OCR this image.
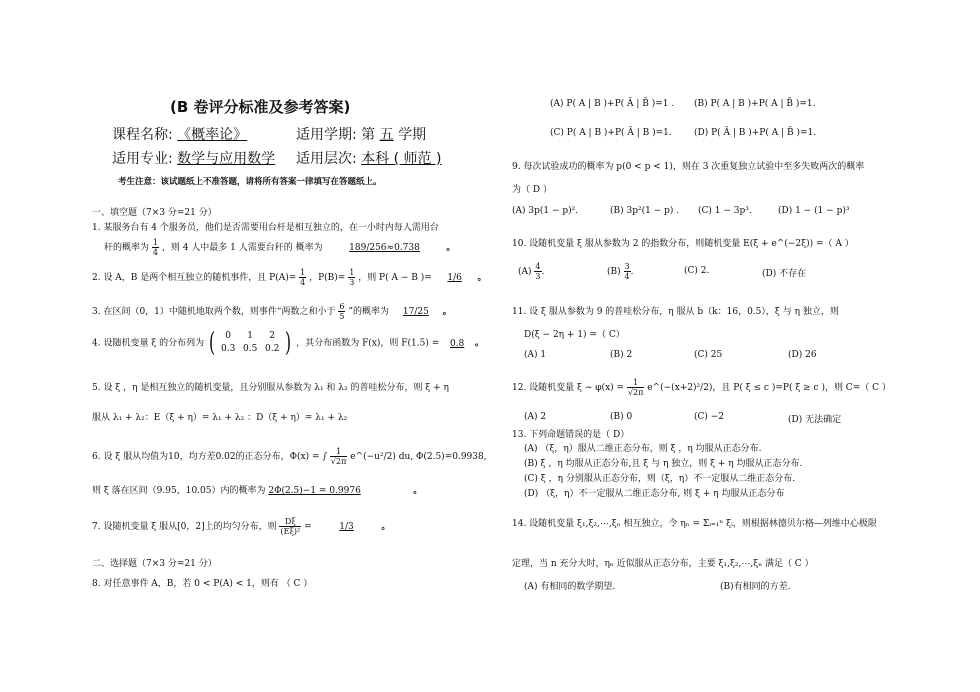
(B 卷评分标准及参考答案)
课程名称: 《概率论》	适用学期: 第 五 学期
适用专业: 数学与应用数学 适用层次: 本科 ( 师范 )
考生注意：该试题纸上不准答题，请将所有答案一律填写在答题纸上。
一、填空题（7×3 分=21 分）
1. 某服务台有 4 个服务员，他们是否需要用台杆是相互独立的，在一小时内每人需用台
秆的概率为 $\frac{1}{4}$ ，则 4 人中最多 1 人需要台秆的 概率为	189/256≈0.738	。
2. 设 A，B 是两个相互独立的随机事件，且 $P(A)= \frac{1}{4}$ ，$P(B)= \frac{1}{3}$ ，则 P( A − B )= 1/6 。
3. 在区间（0，1）中随机地取两个数，则事件“两数之和小于 $\frac{6}{5}$ ”的概率为 17/25 。
4. 设随机变量 ξ 的分布列为 ( 0 1 2
0.3 0.5 0.2 ) ，其分布函数为 F(x)，则 F(1.5) = 0.8 。
5. 设 ξ ，η 是相互独立的随机变量，且分别服从参数为 λ₁ 和 λ₂ 的普哇松分布，则 ξ + η
服从 λ₁ + λ₂：E（ξ + η）= λ₁ + λ₂ ：D（ξ + η）= λ₁ + λ₂
6. 设 ξ 服从均值为10，均方差0.02的正态分布，Φ(x) = ∫ $\frac{1}{√2\pi}$ e^(−u²/2) du, Φ(2.5)=0.9938,
则 ξ 落在区间（9.95，10.05）内的概率为 2Φ(2.5)−1 = 0.9976	。
7. 设随机变量 ξ 服从[0，2]上的均匀分布，则 $\frac{D\xi}{\text{(Eξ)²}}$ =	1/3	。
二、选择题（7×3 分=21 分）
8. 对任意事件 A，B，若 0 < P(A) < 1，则有 （ C ）
(A) P( A | B )+P( Ā | B̄ )=1 . (B) P( A | B )+P( A | B̄ )=1.
(C) P( A | B )+P( Ā | B )=1. (D) P( Ā | B )+P( A | B̄ )=1.
9. 每次试验成功的概率为 p(0 < p < 1)，则在 3 次重复独立试验中至多失败两次的概率
为（ D ）
(A) 3p(1 − p)².	(B) 3p²(1 − p) . (C) 1 − 3p³.	(D) 1 − (1 − p)³
10. 设随机变量 ξ 服从参数为 2 的指数分布，则随机变量 E(ξ + e^(−2ξ)) =（ A ）
$(A) \frac{4}{3}$ .	$(B) \frac{3}{4}$ .	(C) 2.	(D) 不存在
11. 设 ξ 服从参数为 9 的普哇松分布，η 服从 b（k：16，0.5），ξ 与 η 独立，则
D(ξ − 2η + 1) =（ C）
(A) 1	(B) 2	(C) 25	(D) 26
12. 设随机变量 ξ ~ $\varphi(x) = \frac{1}{√2\pi}$ e^(−(x+2)²/2)，且 P( ξ ≤ c )=P( ξ ≥ c )，则 C=（ C ）
(A) 2	(B) 0	(C) −2	(D) 无法确定
13. 下列命题错误的是（ D）
(A) （ξ，η）服从二维正态分布，则 ξ ，η 均服从正态分布.
(B) ξ ，η 均服从正态分布,且 ξ 与 η 独立，则 ξ + η 均服从正态分布.
(C) ξ ，η 分别服从正态分布，则（ξ，η）不一定服从二维正态分布.
(D) （ξ，η）不一定服从二维正态分布, 则 ξ + η 均服从正态分布
14. 设随机变量 ξ₁,ξ₂,⋯,ξₙ 相互独立，令 ηₙ = Σᵢ₌₁ⁿ ξᵢ，则根据林德贝尔格—列维中心极限
定理，当 n 充分大时，ηₙ 近似服从正态分布，主要 ξ₁,ξ₂,⋯,ξₙ 满足（ C ）
(A) 有相同的数学期望.	(B)有相同的方差.
